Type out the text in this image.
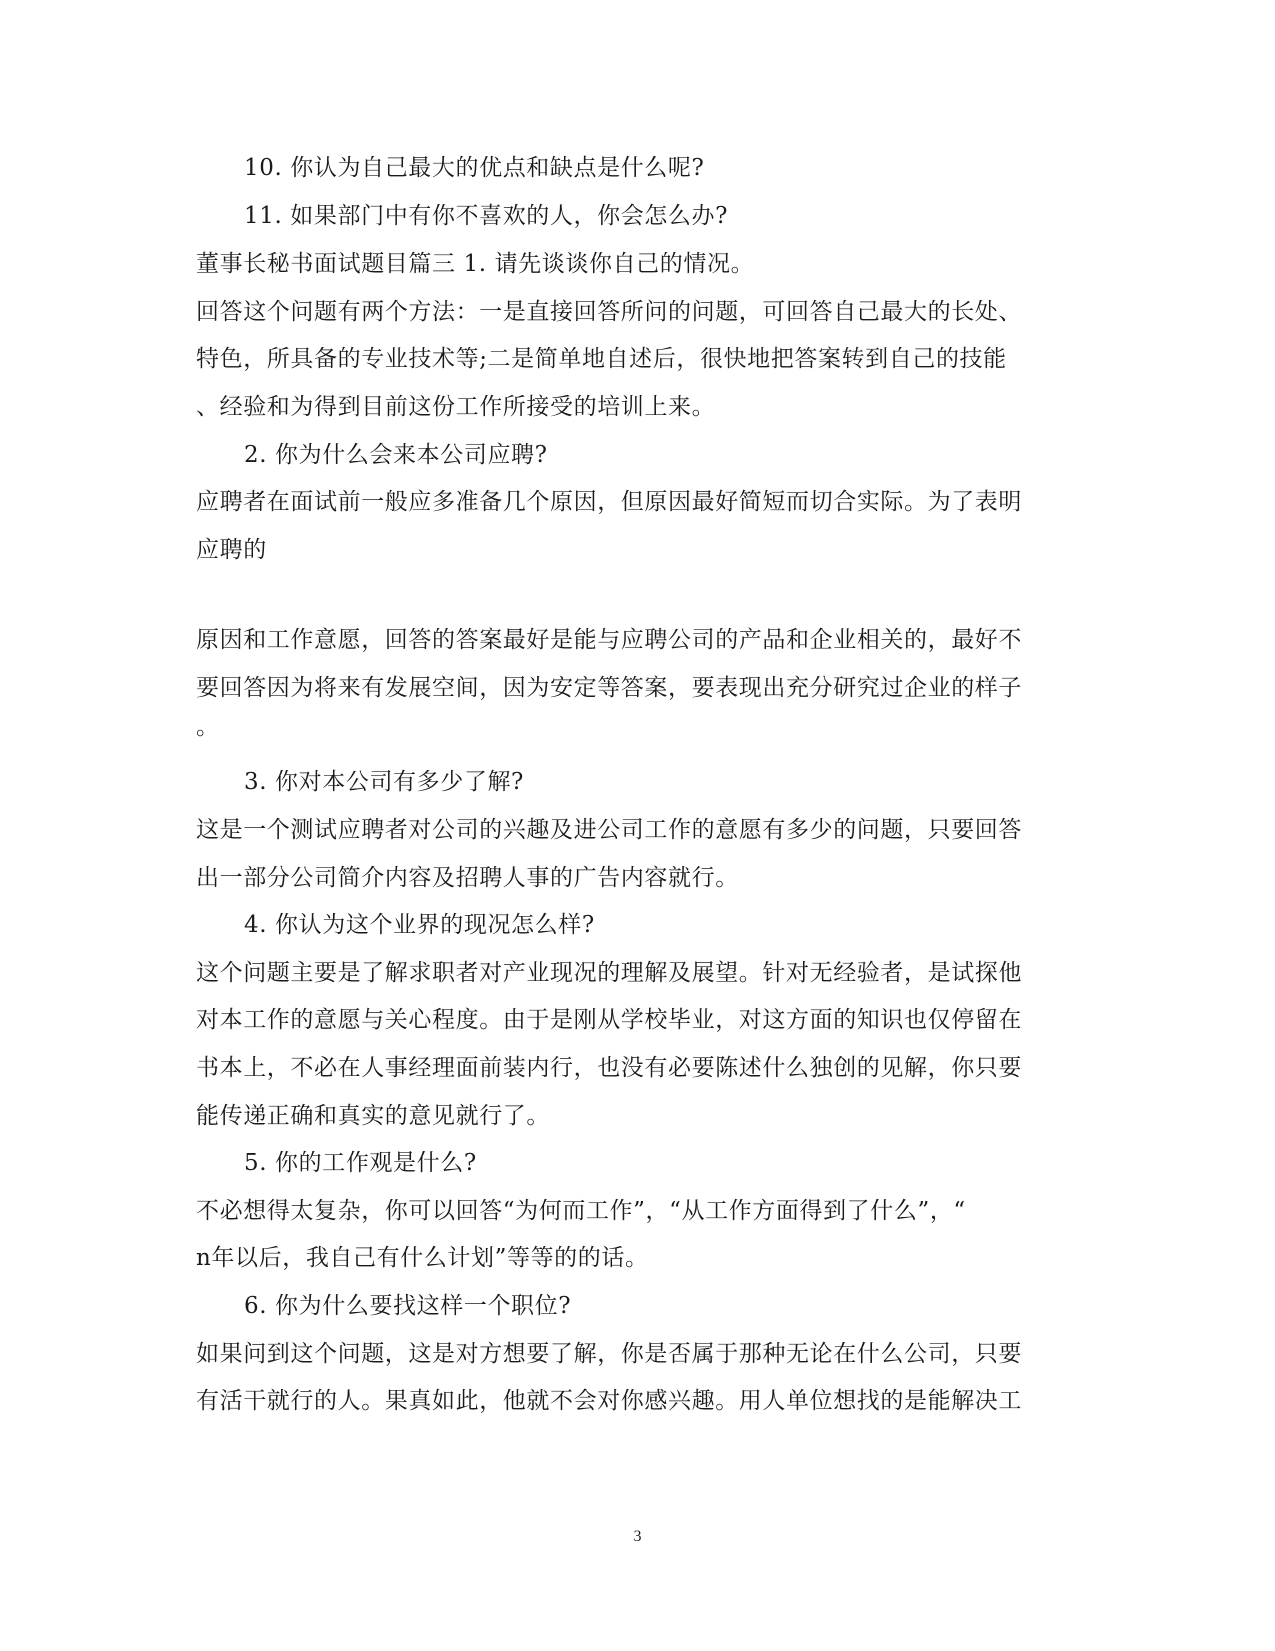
10. 你认为自己最大的优点和缺点是什么呢?
11. 如果部门中有你不喜欢的人，你会怎么办?
董事长秘书面试题目篇三 1. 请先谈谈你自己的情况。
回答这个问题有两个方法：一是直接回答所问的问题，可回答自己最大的长处、
特色，所具备的专业技术等;二是简单地自述后，很快地把答案转到自己的技能
、经验和为得到目前这份工作所接受的培训上来。
2. 你为什么会来本公司应聘?
应聘者在面试前一般应多准备几个原因，但原因最好简短而切合实际。为了表明
应聘的
原因和工作意愿，回答的答案最好是能与应聘公司的产品和企业相关的，最好不
要回答因为将来有发展空间，因为安定等答案，要表现出充分研究过企业的样子
。
3. 你对本公司有多少了解?
这是一个测试应聘者对公司的兴趣及进公司工作的意愿有多少的问题，只要回答
出一部分公司简介内容及招聘人事的广告内容就行。
4. 你认为这个业界的现况怎么样?
这个问题主要是了解求职者对产业现况的理解及展望。针对无经验者，是试探他
对本工作的意愿与关心程度。由于是刚从学校毕业，对这方面的知识也仅停留在
书本上，不必在人事经理面前装内行，也没有必要陈述什么独创的见解，你只要
能传递正确和真实的意见就行了。
5. 你的工作观是什么?
不必想得太复杂，你可以回答“为何而工作”，“从工作方面得到了什么”，“
n年以后，我自己有什么计划”等等的的话。
6. 你为什么要找这样一个职位?
如果问到这个问题，这是对方想要了解，你是否属于那种无论在什么公司，只要
有活干就行的人。果真如此，他就不会对你感兴趣。用人单位想找的是能解决工
3
